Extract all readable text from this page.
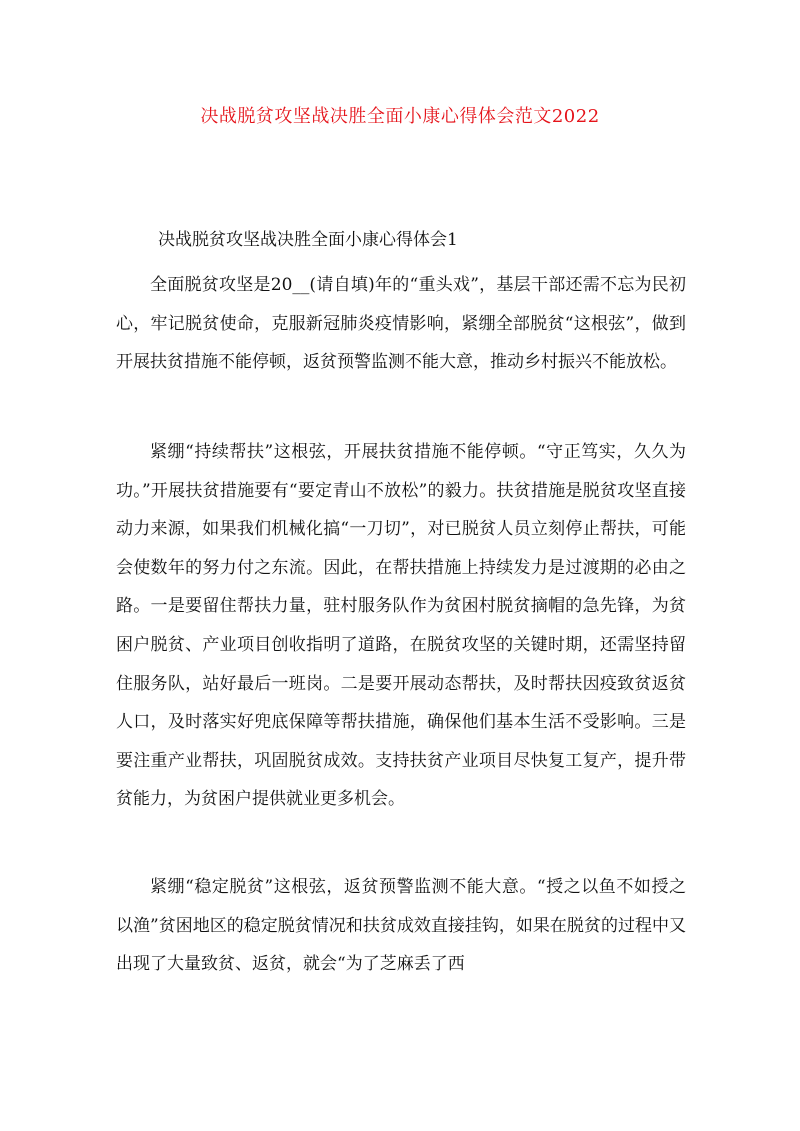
决战脱贫攻坚战决胜全面小康心得体会范文2022
决战脱贫攻坚战决胜全面小康心得体会1

全面脱贫攻坚是20__(请自填)年的“重头戏”，基层干部还需不忘为民初心，牢记脱贫使命，克服新冠肺炎疫情影响，紧绷全部脱贫“这根弦”，做到开展扶贫措施不能停顿，返贫预警监测不能大意，推动乡村振兴不能放松。

紧绷“持续帮扶”这根弦，开展扶贫措施不能停顿。“守正笃实，久久为功。”开展扶贫措施要有“要定青山不放松”的毅力。扶贫措施是脱贫攻坚直接动力来源，如果我们机械化搞“一刀切”，对已脱贫人员立刻停止帮扶，可能会使数年的努力付之东流。因此，在帮扶措施上持续发力是过渡期的必由之路。一是要留住帮扶力量，驻村服务队作为贫困村脱贫摘帽的急先锋，为贫困户脱贫、产业项目创收指明了道路，在脱贫攻坚的关键时期，还需坚持留住服务队，站好最后一班岗。二是要开展动态帮扶，及时帮扶因疫致贫返贫人口，及时落实好兜底保障等帮扶措施，确保他们基本生活不受影响。三是要注重产业帮扶，巩固脱贫成效。支持扶贫产业项目尽快复工复产，提升带贫能力，为贫困户提供就业更多机会。

紧绷“稳定脱贫”这根弦，返贫预警监测不能大意。“授之以鱼不如授之以渔”贫困地区的稳定脱贫情况和扶贫成效直接挂钩，如果在脱贫的过程中又出现了大量致贫、返贫，就会“为了芝麻丢了西
